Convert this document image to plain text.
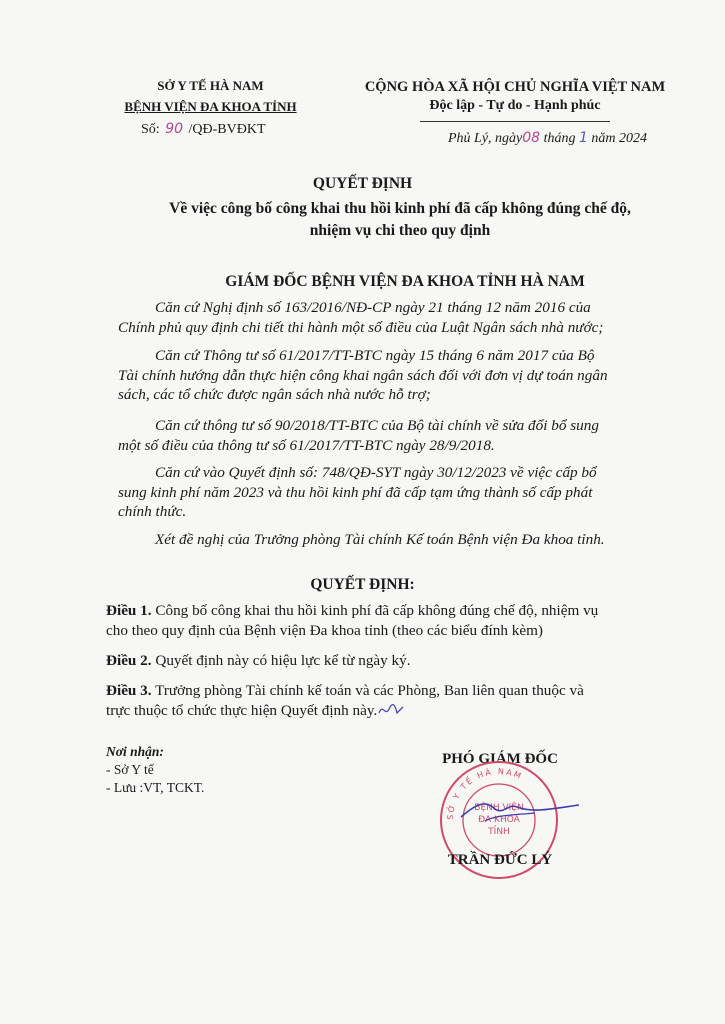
SỞ Y TẾ HÀ NAM
BỆNH VIỆN ĐA KHOA TỈNH
Số: 90 /QĐ-BVĐKT
CỘNG HÒA XÃ HỘI CHỦ NGHĨA VIỆT NAM
Độc lập - Tự do - Hạnh phúc
Phủ Lý, ngày08 tháng 1 năm 2024
QUYẾT ĐỊNH
Về việc công bố công khai thu hồi kinh phí đã cấp không đúng chế độ,
nhiệm vụ chi theo quy định
GIÁM ĐỐC BỆNH VIỆN ĐA KHOA TỈNH HÀ NAM
Căn cứ Nghị định số 163/2016/NĐ-CP ngày 21 tháng 12 năm 2016 của
Chính phủ quy định chi tiết thi hành một số điều của Luật Ngân sách nhà nước;
Căn cứ Thông tư số 61/2017/TT-BTC ngày 15 tháng 6 năm 2017 của Bộ
Tài chính hướng dẫn thực hiện công khai ngân sách đối với đơn vị dự toán ngân
sách, các tổ chức được ngân sách nhà nước hỗ trợ;
Căn cứ thông tư số 90/2018/TT-BTC của Bộ tài chính về sửa đổi bổ sung
một số điều của thông tư số 61/2017/TT-BTC ngày 28/9/2018.
Căn cứ vào Quyết định số: 748/QĐ-SYT ngày 30/12/2023 về việc cấp bổ
sung kinh phí năm 2023 và thu hồi kinh phí đã cấp tạm ứng thành số cấp phát
chính thức.
Xét đề nghị của Trưởng phòng Tài chính Kế toán Bệnh viện Đa khoa tỉnh.
QUYẾT ĐỊNH:
Điều 1. Công bố công khai thu hồi kinh phí đã cấp không đúng chế độ, nhiệm vụ
cho theo quy định của Bệnh viện Đa khoa tỉnh (theo các biểu đính kèm)
Điều 2. Quyết định này có hiệu lực kể từ ngày ký.
Điều 3. Trưởng phòng Tài chính kế toán và các Phòng, Ban liên quan thuộc và
trực thuộc tổ chức thực hiện Quyết định này.
Nơi nhận:
- Sở Y tế
- Lưu :VT, TCKT.
PHÓ GIÁM ĐỐC
SỞ Y TẾ HÀ NAM
BỆNH VIỆN
ĐA KHOA
TỈNH
TRẦN ĐỨC LÝ
